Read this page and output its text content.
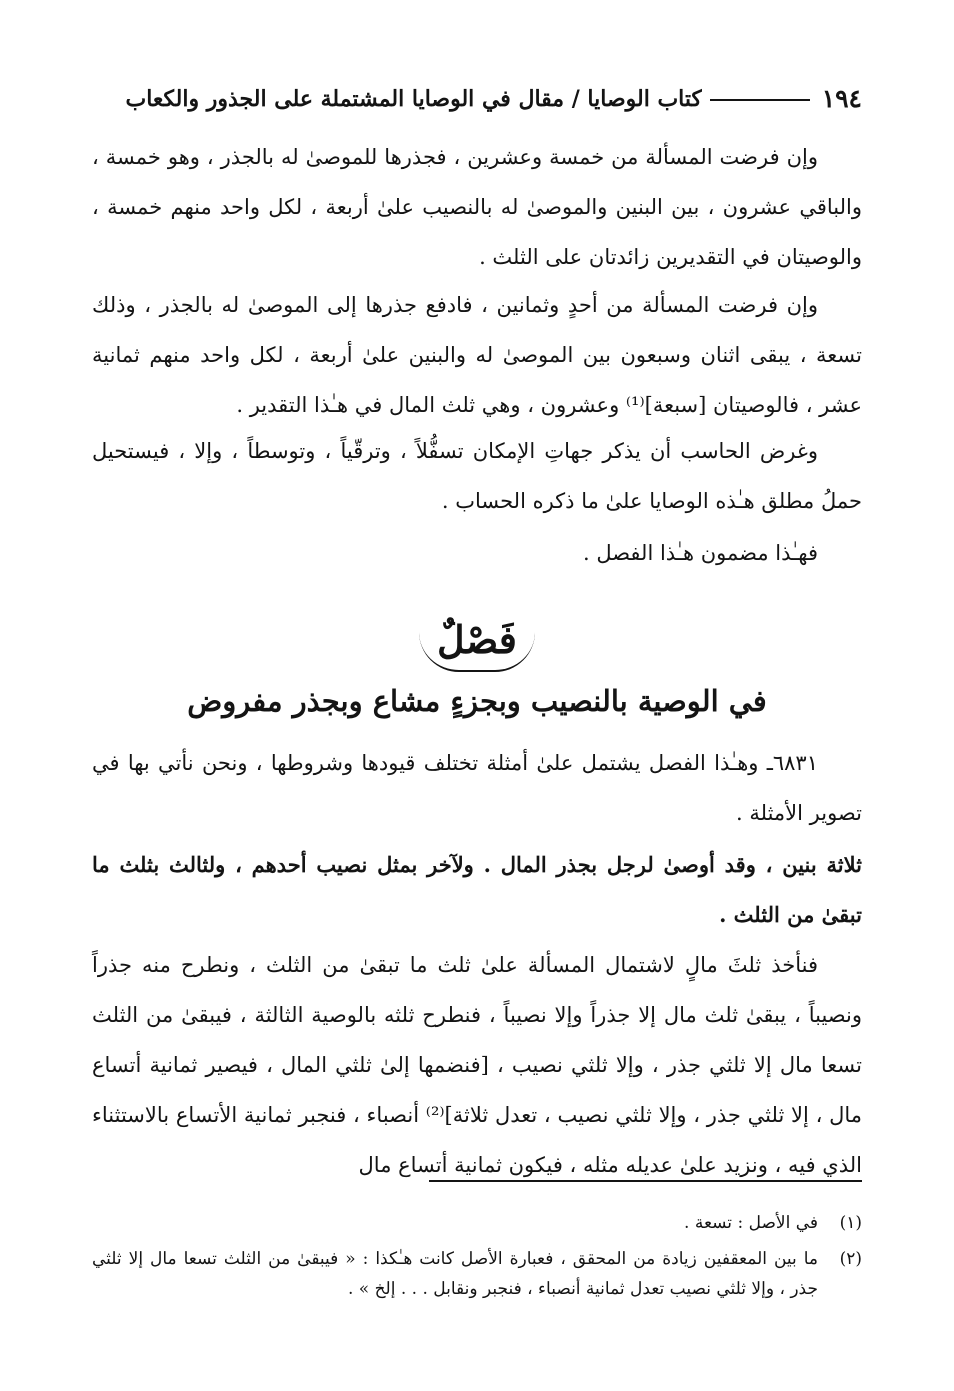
١٩٤
كتاب الوصايا / مقال في الوصايا المشتملة على الجذور والكعاب

وإن فرضت المسألة من خمسة وعشرين ، فجذرها للموصىٰ له بالجذر ، وهو خمسة ، والباقي عشرون ، بين البنين والموصىٰ له بالنصيب علىٰ أربعة ، لكل واحد منهم خمسة ، والوصيتان في التقديرين زائدتان على الثلث .

وإن فرضت المسألة من أحدٍ وثمانين ، فادفع جذرها إلى الموصىٰ له بالجذر ، وذلك تسعة ، يبقى اثنان وسبعون بين الموصىٰ له والبنين علىٰ أربعة ، لكل واحد منهم ثمانية عشر ، فالوصيتان [سبعة]⁽¹⁾ وعشرون ، وهي ثلث المال في هـٰذا التقدير .

وغرض الحاسب أن يذكر جهاتِ الإمكان تسفُّلاً ، وترقّياً ، وتوسطاً ، وإلا ، فيستحيل حملُ مطلق هـٰذه الوصايا علىٰ ما ذكره الحساب .

فهـٰذا مضمون هـٰذا الفصل .

فَصْلٌ
في الوصية بالنصيب وبجزءٍ مشاع وبجذر مفروض

٦٨٣١ـ وهـٰذا الفصل يشتمل علىٰ أمثلة تختلف قيودها وشروطها ، ونحن نأتي بها في تصوير الأمثلة .

ثلاثة بنين ، وقد أوصىٰ لرجل بجذر المال . ولآخر بمثل نصيب أحدهم ، ولثالث بثلث ما تبقىٰ من الثلث .

فنأخذ ثلثَ مالٍ لاشتمال المسألة علىٰ ثلث ما تبقىٰ من الثلث ، ونطرح منه جذراً ونصيباً ، يبقىٰ ثلث مال إلا جذراً وإلا نصيباً ، فنطرح ثلثه بالوصية الثالثة ، فيبقىٰ من الثلث تسعا مال إلا ثلثي جذر ، وإلا ثلثي نصيب ، [فنضمها إلىٰ ثلثي المال ، فيصير ثمانية أتساع مال ، إلا ثلثي جذر ، وإلا ثلثي نصيب ، تعدل ثلاثة]⁽²⁾ أنصباء ، فنجبر ثمانية الأتساع بالاستثناء الذي فيه ، ونزيد علىٰ عديله مثله ، فيكون ثمانية أتساع مال

(١)

في الأصل : تسعة .

(٢)

ما بين المعقفين زيادة من المحقق ، فعبارة الأصل كانت هـٰكذا : « فيبقىٰ من الثلث تسعا مال إلا ثلثي جذر ، وإلا ثلثي نصيب تعدل ثمانية أنصباء ، فنجبر ونقابل . . . إلخ » .
